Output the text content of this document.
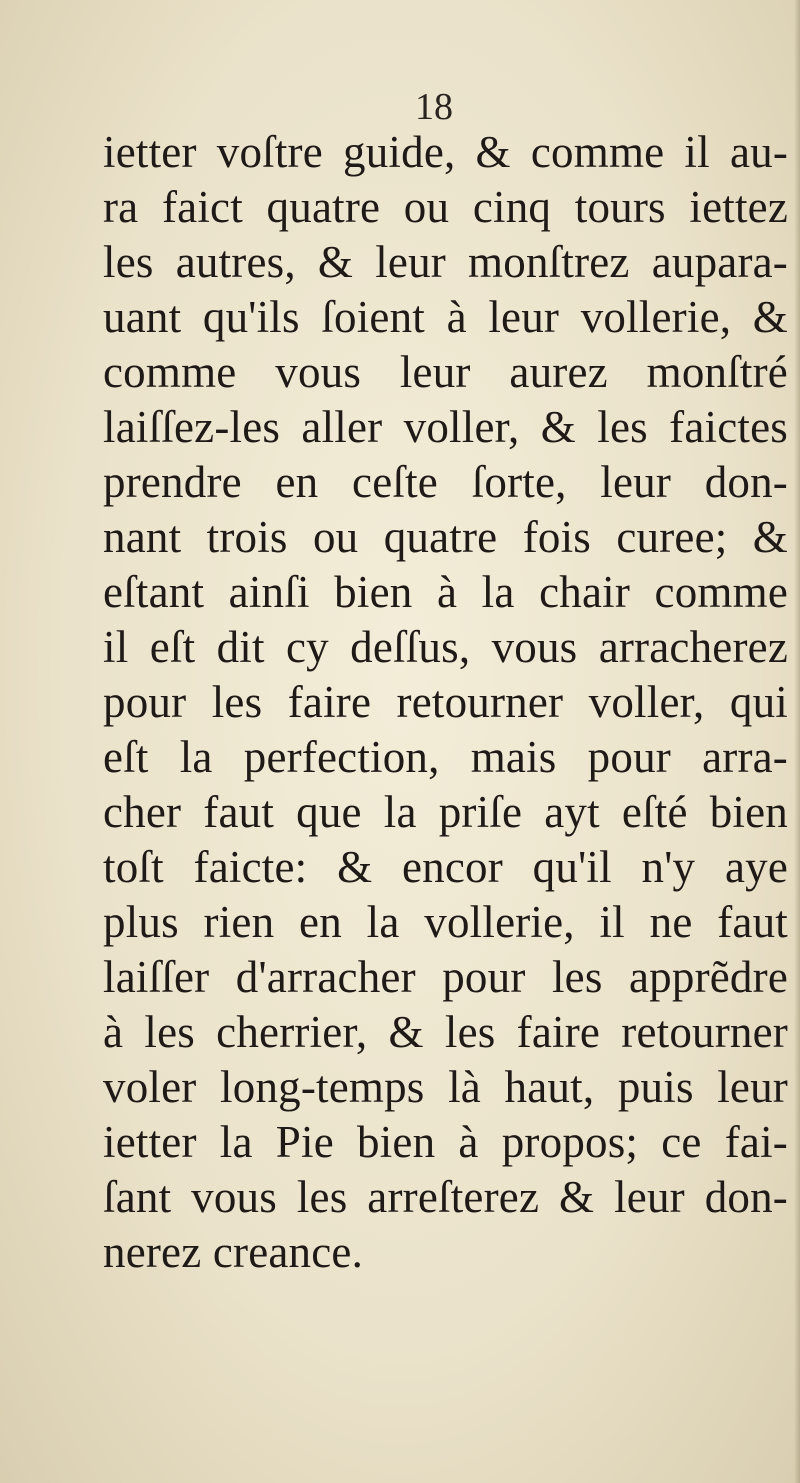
18
ietter voſtre guide, & comme il au-
ra faict quatre ou cinq tours iettez
les autres, & leur monſtrez aupara-
uant qu'ils ſoient à leur vollerie, &
comme vous leur aurez monſtré
laiſſez-les aller voller, & les faictes
prendre en ceſte ſorte, leur don-
nant trois ou quatre fois curee; &
eſtant ainſi bien à la chair comme
il eſt dit cy deſſus, vous arracherez
pour les faire retourner voller, qui
eſt la perfection, mais pour arra-
cher faut que la priſe ayt eſté bien
toſt faicte: & encor qu'il n'y aye
plus rien en la vollerie, il ne faut
laiſſer d'arracher pour les apprẽdre
à les cherrier, & les faire retourner
voler long-temps là haut, puis leur
ietter la Pie bien à propos; ce fai-
ſant vous les arreſterez & leur don-
nerez creance.
